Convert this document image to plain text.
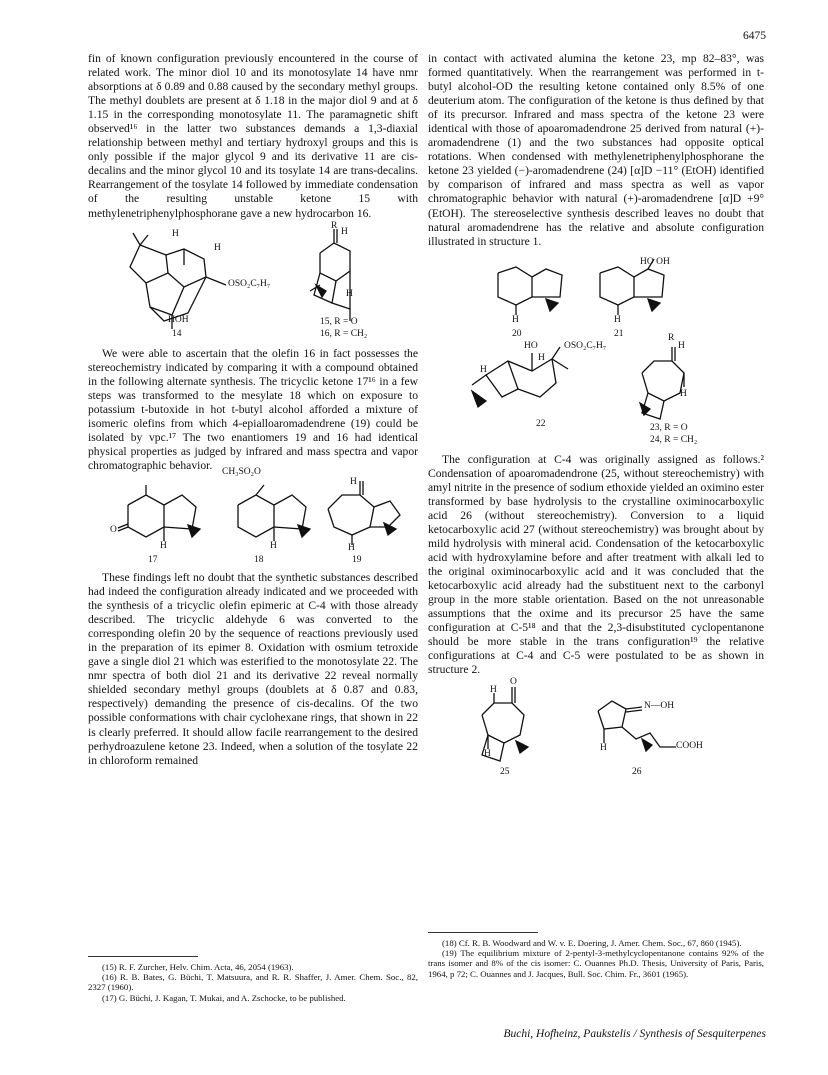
6475

fin of known configuration previously encountered in the course of related work. The minor diol 10 and its monotosylate 14 have nmr absorptions at δ 0.89 and 0.88 caused by the secondary methyl groups. The methyl doublets are present at δ 1.18 in the major diol 9 and at δ 1.15 in the corresponding monotosylate 11. The paramagnetic shift observed¹⁶ in the latter two substances demands a 1,3-diaxial relationship between methyl and tertiary hydroxyl groups and this is only possible if the major glycol 9 and its derivative 11 are cis-decalins and the minor glycol 10 and its tosylate 14 are trans-decalins. Rearrangement of the tosylate 14 followed by immediate condensation of the resulting unstable ketone 15 with methylenetriphenylphosphorane gave a new hydrocarbon 16.

H
H
OSO₂C₇H₇
HOH
14
R
H
H
15, R = O
16, R = CH₂

We were able to ascertain that the olefin 16 in fact possesses the stereochemistry indicated by comparing it with a compound obtained in the following alternate synthesis. The tricyclic ketone 17¹⁶ in a few steps was transformed to the mesylate 18 which on exposure to potassium t-butoxide in hot t-butyl alcohol afforded a mixture of isomeric olefins from which 4-epialloaromadendrene (19) could be isolated by vpc.¹⁷ The two enantiomers 19 and 16 had identical physical properties as judged by infrared and mass spectra and vapor chromatographic behavior.

CH₃SO₂O
O
H	H
H
H
17	18	19

These findings left no doubt that the synthetic substances described had indeed the configuration already indicated and we proceeded with the synthesis of a tricyclic olefin epimeric at C-4 with those already described. The tricyclic aldehyde 6 was converted to the corresponding olefin 20 by the sequence of reactions previously used in the preparation of its epimer 8. Oxidation with osmium tetroxide gave a single diol 21 which was esterified to the monotosylate 22. The nmr spectra of both diol 21 and its derivative 22 reveal normally shielded secondary methyl groups (doublets at δ 0.87 and 0.83, respectively) demanding the presence of cis-decalins. Of the two possible conformations with chair cyclohexane rings, that shown in 22 is clearly preferred. It should allow facile rearrangement to the desired perhydroazulene ketone 23. Indeed, when a solution of the tosylate 22 in chloroform remained

(15) R. F. Zurcher, Helv. Chim. Acta, 46, 2054 (1963).

(16) R. B. Bates, G. Büchi, T. Matsuura, and R. R. Shaffer, J. Amer. Chem. Soc., 82, 2327 (1960).

(17) G. Büchi, J. Kagan, T. Mukai, and A. Zschocke, to be published.

in contact with activated alumina the ketone 23, mp 82–83°, was formed quantitatively. When the rearrangement was performed in t-butyl alcohol-OD the resulting ketone contained only 8.5% of one deuterium atom. The configuration of the ketone is thus defined by that of its precursor. Infrared and mass spectra of the ketone 23 were identical with those of apoaromadendrone 25 derived from natural (+)-aromadendrene (1) and the two substances had opposite optical rotations. When condensed with methylenetriphenylphosphorane the ketone 23 yielded (−)-aromadendrene (24) [α]D −11° (EtOH) identified by comparison of infrared and mass spectra as well as vapor chromatographic behavior with natural (+)-aromadendrene [α]D +9° (EtOH). The stereoselective synthesis described leaves no doubt that natural aromadendrene has the relative and absolute configuration illustrated in structure 1.

HO OH
H	H
20	21
HO	OSO₂C₇H₇
H
H
22
R
H
H
23, R = O
24, R = CH₂

The configuration at C-4 was originally assigned as follows.² Condensation of apoaromadendrone (25, without stereochemistry) with amyl nitrite in the presence of sodium ethoxide yielded an oximino ester transformed by base hydrolysis to the crystalline oximinocarboxylic acid 26 (without stereochemistry). Conversion to a liquid ketocarboxylic acid 27 (without stereochemistry) was brought about by mild hydrolysis with mineral acid. Condensation of the ketocarboxylic acid with hydroxylamine before and after treatment with alkali led to the original oximinocarboxylic acid and it was concluded that the ketocarboxylic acid already had the substituent next to the carbonyl group in the more stable orientation. Based on the not unreasonable assumptions that the oxime and its precursor 25 have the same configuration at C-5¹⁸ and that the 2,3-disubstituted cyclopentanone should be more stable in the trans configuration¹⁹ the relative configurations at C-4 and C-5 were postulated to be as shown in structure 2.

O
H
H
25
N—OH
H	COOH
26

(18) Cf. R. B. Woodward and W. v. E. Doering, J. Amer. Chem. Soc., 67, 860 (1945).

(19) The equilibrium mixture of 2-pentyl-3-methylcyclopentanone contains 92% of the trans isomer and 8% of the cis isomer: C. Ouannes Ph.D. Thesis, University of Paris, Paris, 1964, p 72; C. Ouannes and J. Jacques, Bull. Soc. Chim. Fr., 3601 (1965).

Buchi, Hofheinz, Paukstelis / Synthesis of Sesquiterpenes
